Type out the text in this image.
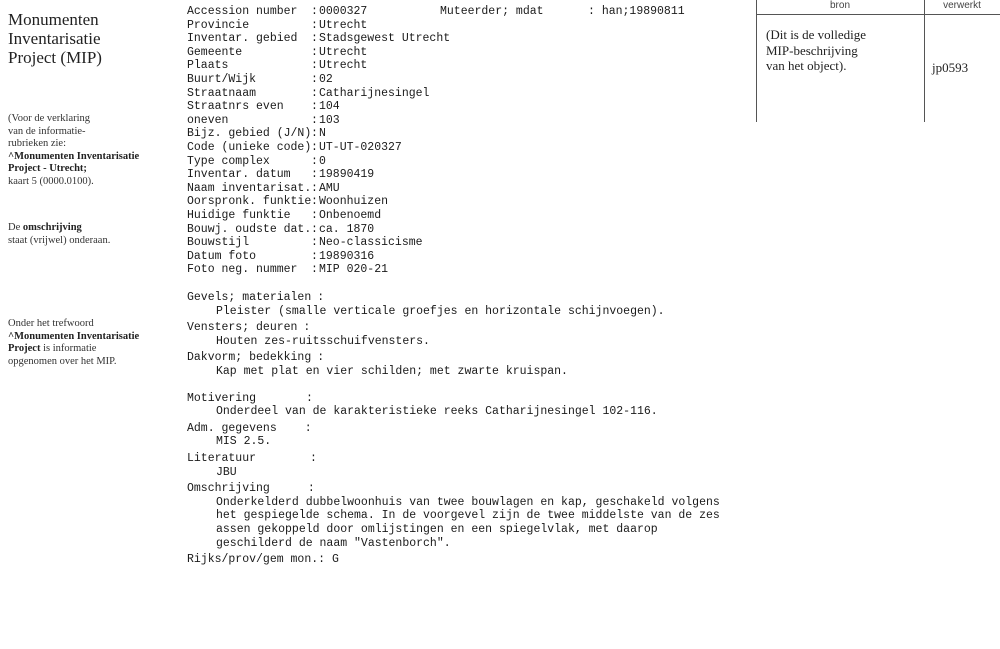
Monumenten
Inventarisatie
Project (MIP)
(Voor de verklaring
van de informatie-
rubrieken zie:
^Monumenten Inventarisatie
Project - Utrecht;
kaart 5 (0000.0100).
De omschrijving
staat (vrijwel) onderaan.
Onder het trefwoord
^Monumenten Inventarisatie
Project is informatie
opgenomen over het MIP.
Accession number :0000327
Provincie	:Utrecht
Inventar. gebied :Stadsgewest Utrecht
Gemeente	:Utrecht
Plaats	:Utrecht
Buurt/Wijk	:02
Straatnaam	:Catharijnesingel
Straatnrs even :104
oneven	:103
Bijz. gebied (J/N):N
Code (unieke code):UT-UT-020327
Type complex	:0
Inventar. datum :19890419
Naam inventarisat.:AMU
Oorspronk. funktie:Woonhuizen
Huidige funktie :Onbenoemd
Bouwj. oudste dat.:ca. 1870
Bouwstijl	:Neo-classicisme
Datum foto	:19890316
Foto neg. nummer :MIP 020-21
Muteerder; mdat	: han;19890811
Gevels; materialen :
Pleister (smalle verticale groefjes en horizontale schijnvoegen).
Vensters; deuren :
Houten zes-ruitsschuifvensters.
Dakvorm; bedekking :
Kap met plat en vier schilden; met zwarte kruispan.
Motivering	:
Onderdeel van de karakteristieke reeks Catharijnesingel 102-116.
Adm. gegevens :
MIS 2.5.
Literatuur	:
JBU
Omschrijving	:
Onderkelderd dubbelwoonhuis van twee bouwlagen en kap, geschakeld volgens
het gespiegelde schema. In de voorgevel zijn de twee middelste van de zes
assen gekoppeld door omlijstingen en een spiegelvlak, met daarop
geschilderd de naam "Vastenborch".
Rijks/prov/gem mon.: G
bron	verwerkt
(Dit is de volledige
MIP-beschrijving
van het object).	jp0593
